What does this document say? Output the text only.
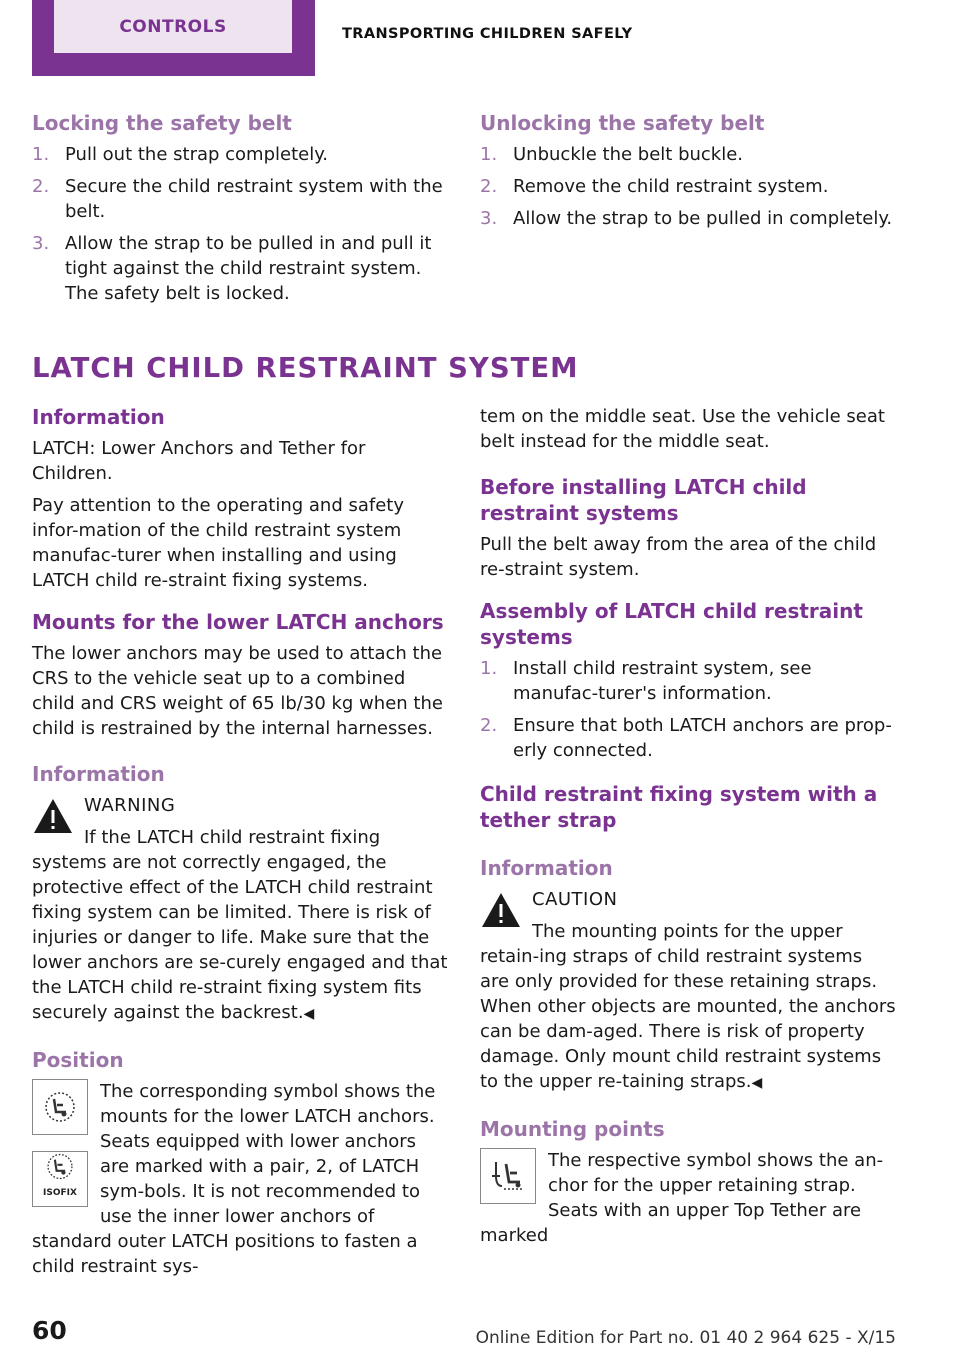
CONTROLS	TRANSPORTING CHILDREN SAFELY
Locking the safety belt
1. Pull out the strap completely.
2. Secure the child restraint system with the belt.
3. Allow the strap to be pulled in and pull it tight against the child restraint system. The safety belt is locked.
Unlocking the safety belt
1. Unbuckle the belt buckle.
2. Remove the child restraint system.
3. Allow the strap to be pulled in completely.
LATCH CHILD RESTRAINT SYSTEM
Information

LATCH: Lower Anchors and Tether for Children.

Pay attention to the operating and safety infor-mation of the child restraint system manufac-turer when installing and using LATCH child re-straint fixing systems.

Mounts for the lower LATCH anchors

The lower anchors may be used to attach the CRS to the vehicle seat up to a combined child and CRS weight of 65 lb/30 kg when the child is restrained by the internal harnesses.

Information
WARNING
If the LATCH child restraint fixing systems are not correctly engaged, the protective effect of the LATCH child restraint fixing system can be limited. There is risk of injuries or danger to life. Make sure that the lower anchors are se-curely engaged and that the LATCH child re-straint fixing system fits securely against the backrest.◀
Position
ISOFIX
The corresponding symbol shows the mounts for the lower LATCH anchors. Seats equipped with lower anchors are marked with a pair, 2, of LATCH sym-bols. It is not recommended to use the inner lower anchors of standard outer LATCH positions to fasten a child restraint sys-

tem on the middle seat. Use the vehicle seat belt instead for the middle seat.

Before installing LATCH child restraint systems

Pull the belt away from the area of the child re-straint system.

Assembly of LATCH child restraint systems
1. Install child restraint system, see manufac-turer's information.
2. Ensure that both LATCH anchors are prop-erly connected.
Child restraint fixing system with a tether strap
Information
CAUTION
The mounting points for the upper retain-ing straps of child restraint systems are only provided for these retaining straps. When other objects are mounted, the anchors can be dam-aged. There is risk of property damage. Only mount child restraint systems to the upper re-taining straps.◀
Mounting points
The respective symbol shows the an-chor for the upper retaining strap. Seats with an upper Top Tether are marked
60	Online Edition for Part no. 01 40 2 964 625 - X/15
